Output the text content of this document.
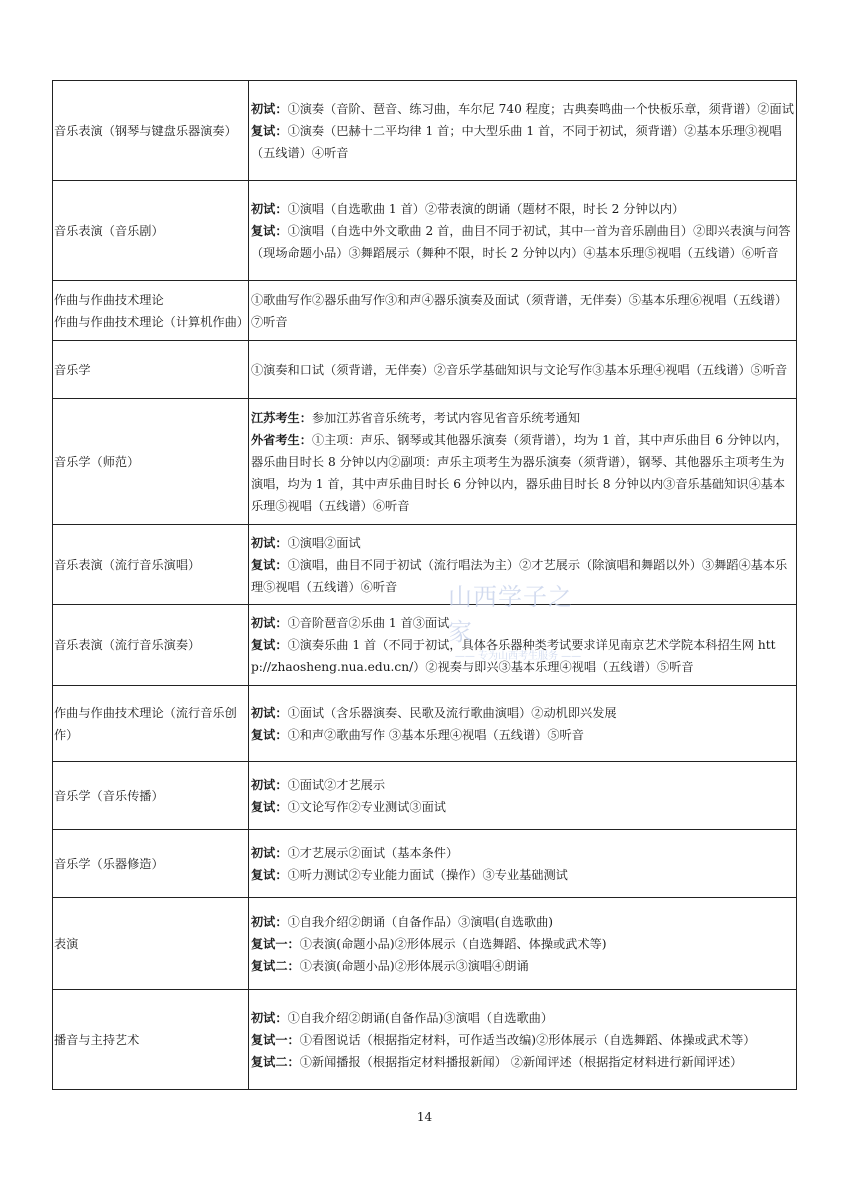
音乐表演（钢琴与键盘乐器演奏）	初试：①演奏（音阶、琶音、练习曲，车尔尼 740 程度；古典奏鸣曲一个快板乐章，须背谱）②面试
复试：①演奏（巴赫十二平均律 1 首；中大型乐曲 1 首，不同于初试，须背谱）②基本乐理③视唱（五线谱）④听音

音乐表演（音乐剧）	初试：①演唱（自选歌曲 1 首）②带表演的朗诵（题材不限，时长 2 分钟以内）
复试：①演唱（自选中外文歌曲 2 首，曲目不同于初试，其中一首为音乐剧曲目）②即兴表演与问答（现场命题小品）③舞蹈展示（舞种不限，时长 2 分钟以内）④基本乐理⑤视唱（五线谱）⑥听音

作曲与作曲技术理论
作曲与作曲技术理论（计算机作曲）	①歌曲写作②器乐曲写作③和声④器乐演奏及面试（须背谱，无伴奏）⑤基本乐理⑥视唱（五线谱）⑦听音

音乐学	①演奏和口试（须背谱，无伴奏）②音乐学基础知识与文论写作③基本乐理④视唱（五线谱）⑤听音

音乐学（师范）	江苏考生：参加江苏省音乐统考，考试内容见省音乐统考通知
外省考生：①主项：声乐、钢琴或其他器乐演奏（须背谱），均为 1 首，其中声乐曲目 6 分钟以内，器乐曲目时长 8 分钟以内②副项：声乐主项考生为器乐演奏（须背谱），钢琴、其他器乐主项考生为演唱，均为 1 首，其中声乐曲目时长 6 分钟以内，器乐曲目时长 8 分钟以内③音乐基础知识④基本乐理⑤视唱（五线谱）⑥听音

音乐表演（流行音乐演唱）	初试：①演唱②面试
复试：①演唱，曲目不同于初试（流行唱法为主）②才艺展示（除演唱和舞蹈以外）③舞蹈④基本乐理⑤视唱（五线谱）⑥听音

音乐表演（流行音乐演奏）	初试：①音阶琶音②乐曲 1 首③面试
复试：①演奏乐曲 1 首（不同于初试，具体各乐器种类考试要求详见南京艺术学院本科招生网 http://zhaosheng.nua.edu.cn/）②视奏与即兴③基本乐理④视唱（五线谱）⑤听音

作曲与作曲技术理论（流行音乐创作）	初试：①面试（含乐器演奏、民歌及流行歌曲演唱）②动机即兴发展
复试：①和声②歌曲写作 ③基本乐理④视唱（五线谱）⑤听音

音乐学（音乐传播）	初试：①面试②才艺展示
复试：①文论写作②专业测试③面试

音乐学（乐器修造）	初试：①才艺展示②面试（基本条件）
复试：①听力测试②专业能力面试（操作）③专业基础测试

表演	初试：①自我介绍②朗诵（自备作品）③演唱(自选歌曲)
复试一：①表演(命题小品)②形体展示（自选舞蹈、体操或武术等)
复试二：①表演(命题小品)②形体展示③演唱④朗诵

播音与主持艺术	初试：①自我介绍②朗诵(自备作品)③演唱（自选歌曲）
复试一：①看图说话（根据指定材料，可作适当改编)②形体展示（自选舞蹈、体操或武术等）
复试二：①新闻播报（根据指定材料播报新闻） ②新闻评述（根据指定材料进行新闻评述）
山西学子之家
—— 专为山西考生服务 ——
14
